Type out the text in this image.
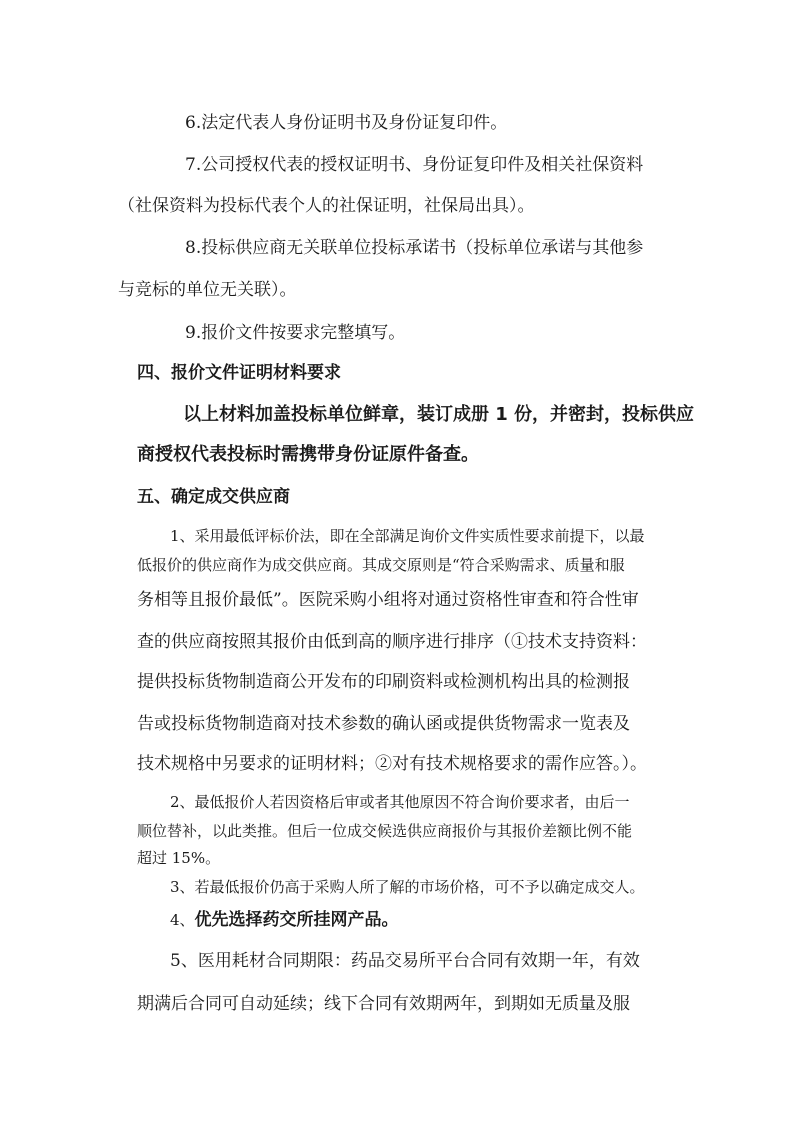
6.法定代表人身份证明书及身份证复印件。
7.公司授权代表的授权证明书、身份证复印件及相关社保资料
（社保资料为投标代表个人的社保证明，社保局出具）。
8.投标供应商无关联单位投标承诺书（投标单位承诺与其他参
与竞标的单位无关联）。
9.报价文件按要求完整填写。
四、报价文件证明材料要求
以上材料加盖投标单位鲜章，装订成册 1 份，并密封，投标供应
商授权代表投标时需携带身份证原件备查。
五、确定成交供应商
1、采用最低评标价法，即在全部满足询价文件实质性要求前提下，以最
低报价的供应商作为成交供应商。其成交原则是“符合采购需求、质量和服
务相等且报价最低”。医院采购小组将对通过资格性审查和符合性审
查的供应商按照其报价由低到高的顺序进行排序（①技术支持资料：
提供投标货物制造商公开发布的印刷资料或检测机构出具的检测报
告或投标货物制造商对技术参数的确认函或提供货物需求一览表及
技术规格中另要求的证明材料；②对有技术规格要求的需作应答。）。
2、最低报价人若因资格后审或者其他原因不符合询价要求者，由后一
顺位替补，以此类推。但后一位成交候选供应商报价与其报价差额比例不能
超过 15%。
3、若最低报价仍高于采购人所了解的市场价格，可不予以确定成交人。
4、优先选择药交所挂网产品。
5、医用耗材合同期限：药品交易所平台合同有效期一年，有效
期满后合同可自动延续；线下合同有效期两年，到期如无质量及服
